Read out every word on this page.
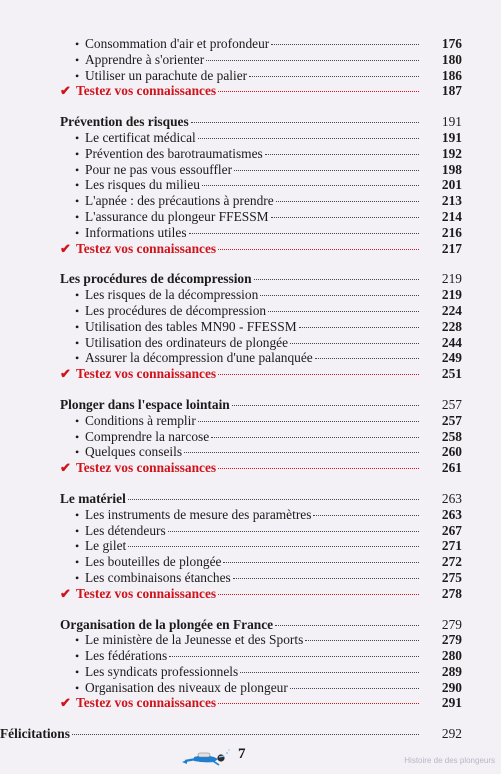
• Consommation d'air et profondeur	176
• Apprendre à s'orienter	180
• Utiliser un parachute de palier	186
✔ Testez vos connaissances	187
Prévention des risques	191
• Le certificat médical	191
• Prévention des barotraumatismes	192
• Pour ne pas vous essouffler	198
• Les risques du milieu	201
• L'apnée : des précautions à prendre	213
• L'assurance du plongeur FFESSM	214
• Informations utiles	216
✔ Testez vos connaissances	217
Les procédures de décompression	219
• Les risques de la décompression	219
• Les procédures de décompression	224
• Utilisation des tables MN90 - FFESSM	228
• Utilisation des ordinateurs de plongée	244
• Assurer la décompression d'une palanquée	249
✔ Testez vos connaissances	251
Plonger dans l'espace lointain	257
• Conditions à remplir	257
• Comprendre la narcose	258
• Quelques conseils	260
✔ Testez vos connaissances	261
Le matériel	263
• Les instruments de mesure des paramètres	263
• Les détendeurs	267
• Le gilet	271
• Les bouteilles de plongée	272
• Les combinaisons étanches	275
✔ Testez vos connaissances	278
Organisation de la plongée en France	279
• Le ministère de la Jeunesse et des Sports	279
• Les fédérations	280
• Les syndicats professionnels	289
• Organisation des niveaux de plongeur	290
✔ Testez vos connaissances	291
Félicitations	292
7	Histoire de des plongeurs
